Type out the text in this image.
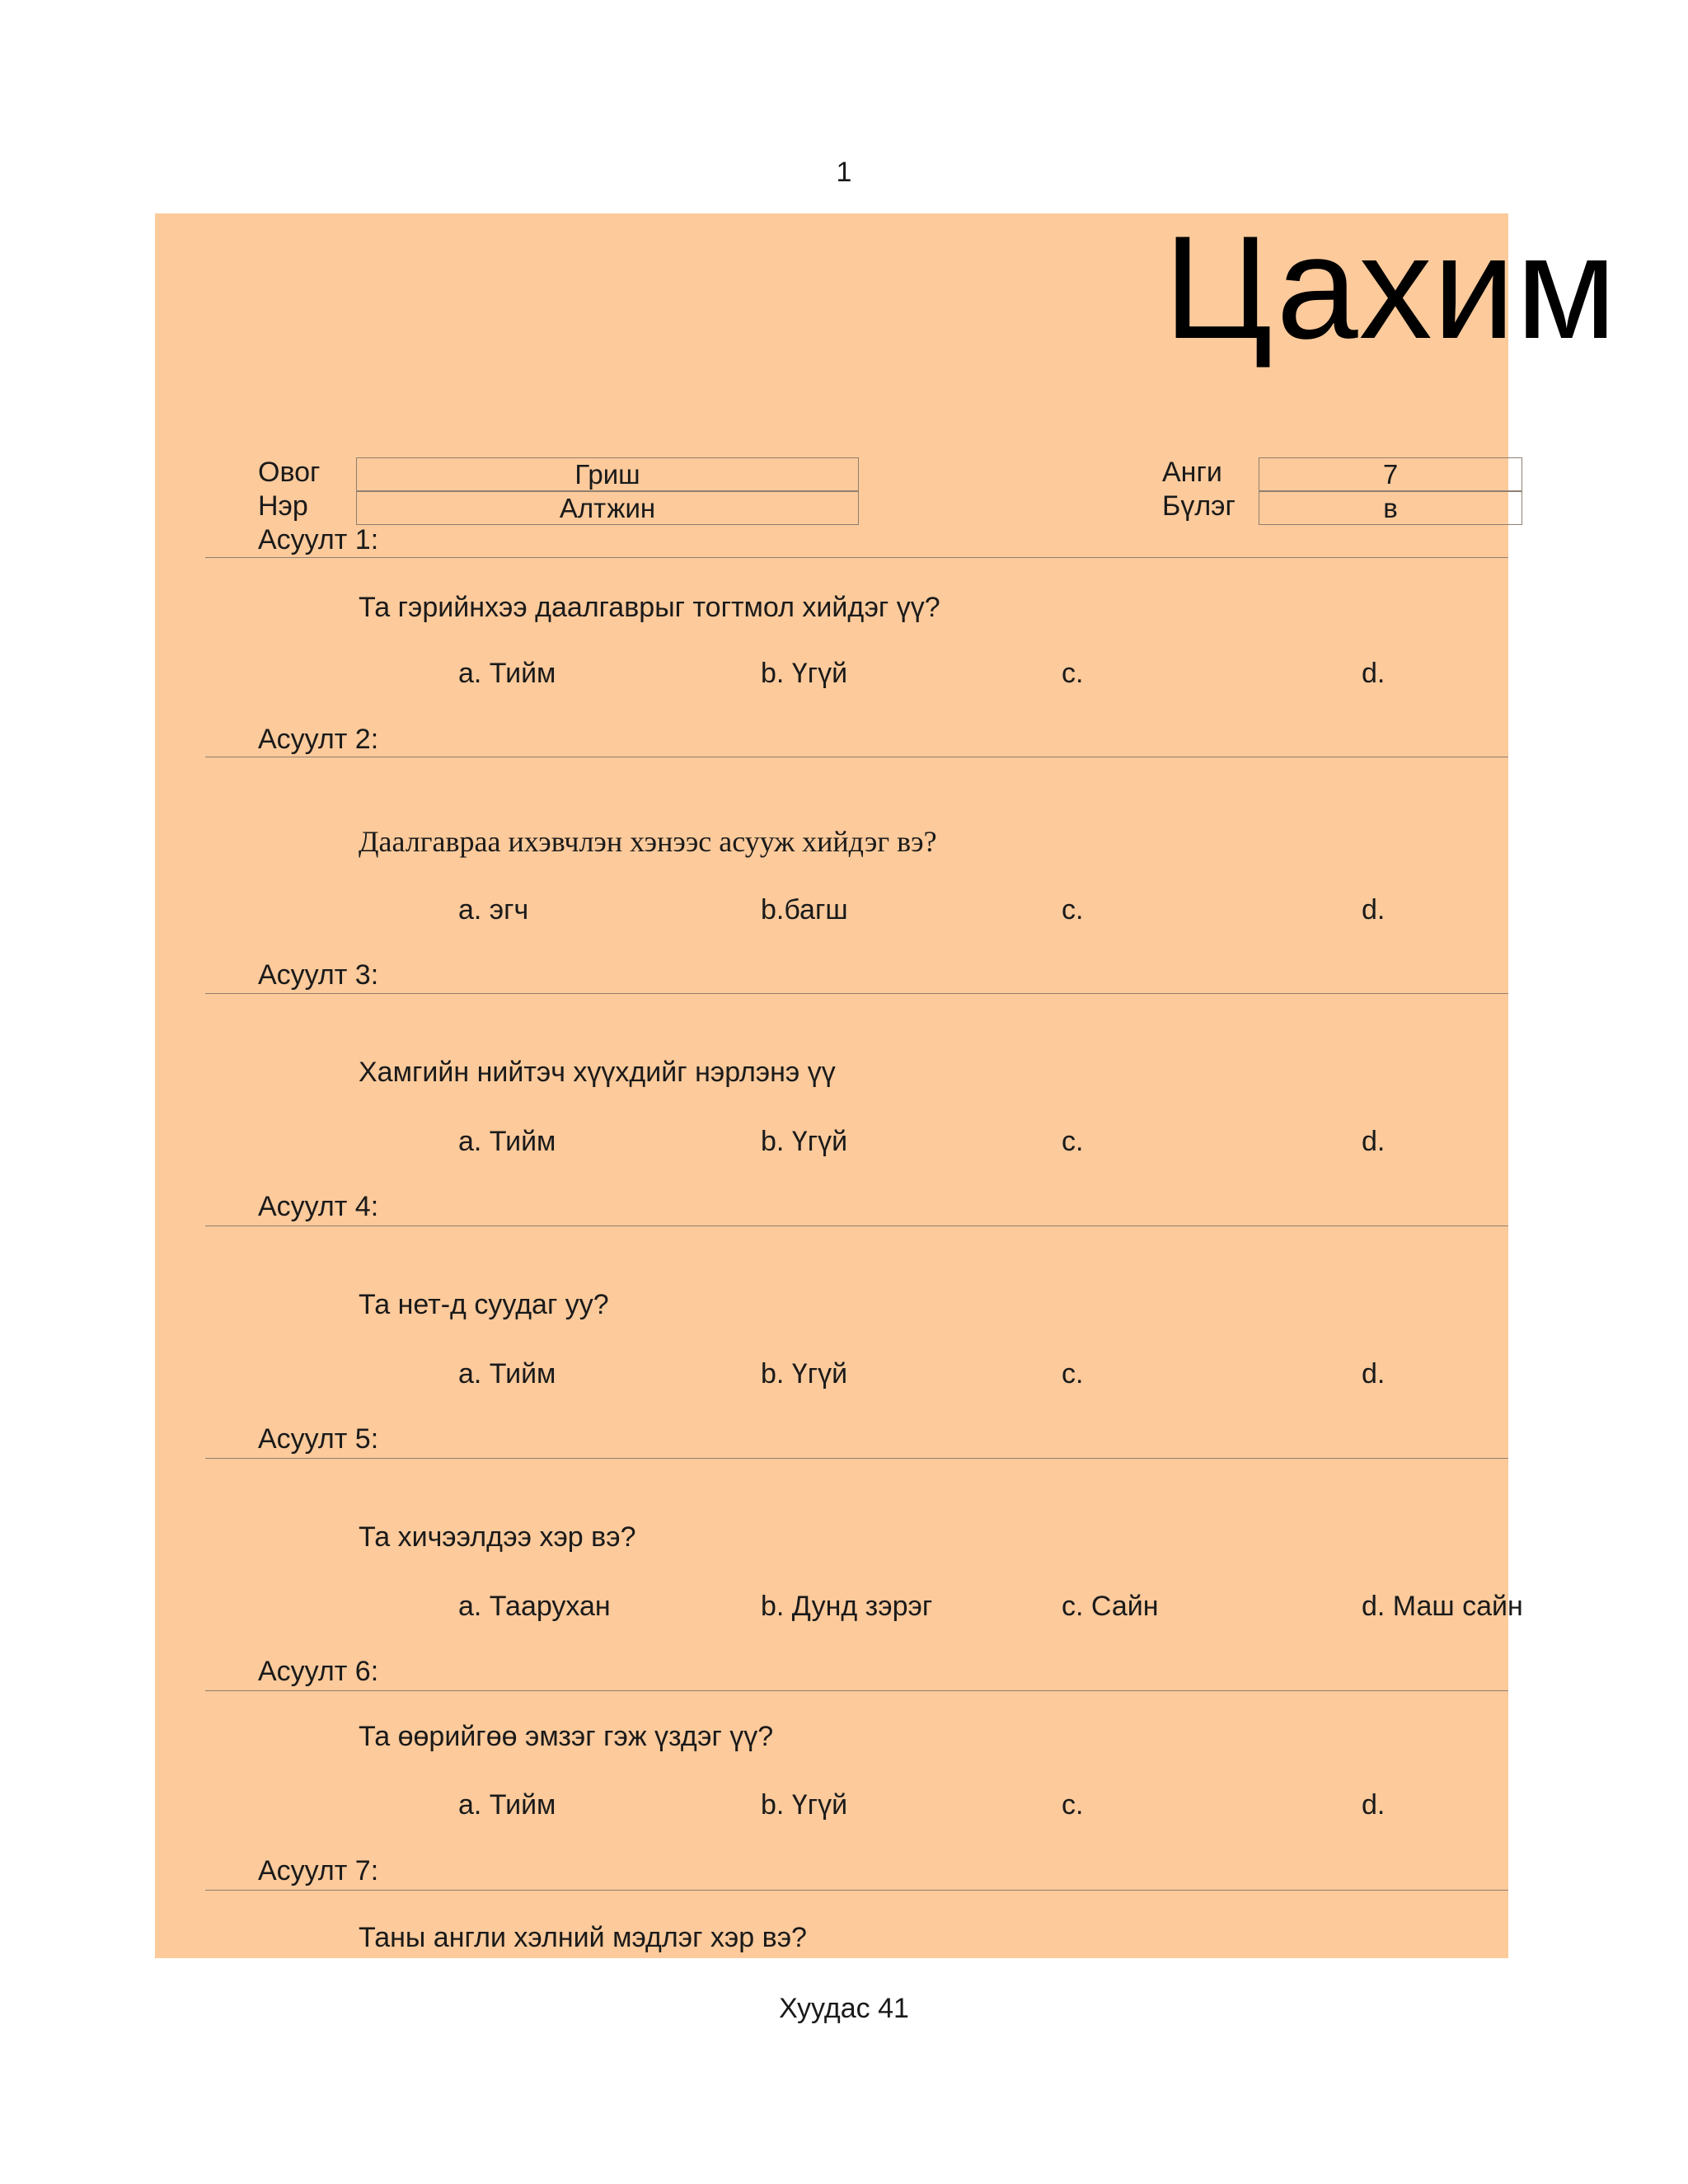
1
Цахим
Овог	Гриш
Нэр	Алтжин
Анги	7
Бүлэг	в
Асуулт 1:
Та гэрийнхээ даалгаврыг тогтмол хийдэг үү?
a. Тийм	b. Үгүй	c.	d.
Асуулт 2:
Даалгавраа ихэвчлэн хэнээс асууж хийдэг вэ?
a. эгч	b.багш	c.	d.
Асуулт 3:
Хамгийн нийтэч хүүхдийг нэрлэнэ үү
a. Тийм	b. Үгүй	c.	d.
Асуулт 4:
Та нет-д суудаг уу?
a. Тийм	b. Үгүй	c.	d.
Асуулт 5:
Та хичээлдээ хэр вэ?
a. Таарухан	b. Дунд зэрэг	c. Сайн	d. Маш сайн
Асуулт 6:
Та өөрийгөө эмзэг гэж үздэг үү?
a. Тийм	b. Үгүй	c.	d.
Асуулт 7:
Таны англи хэлний мэдлэг хэр вэ?
Хуудас 41
